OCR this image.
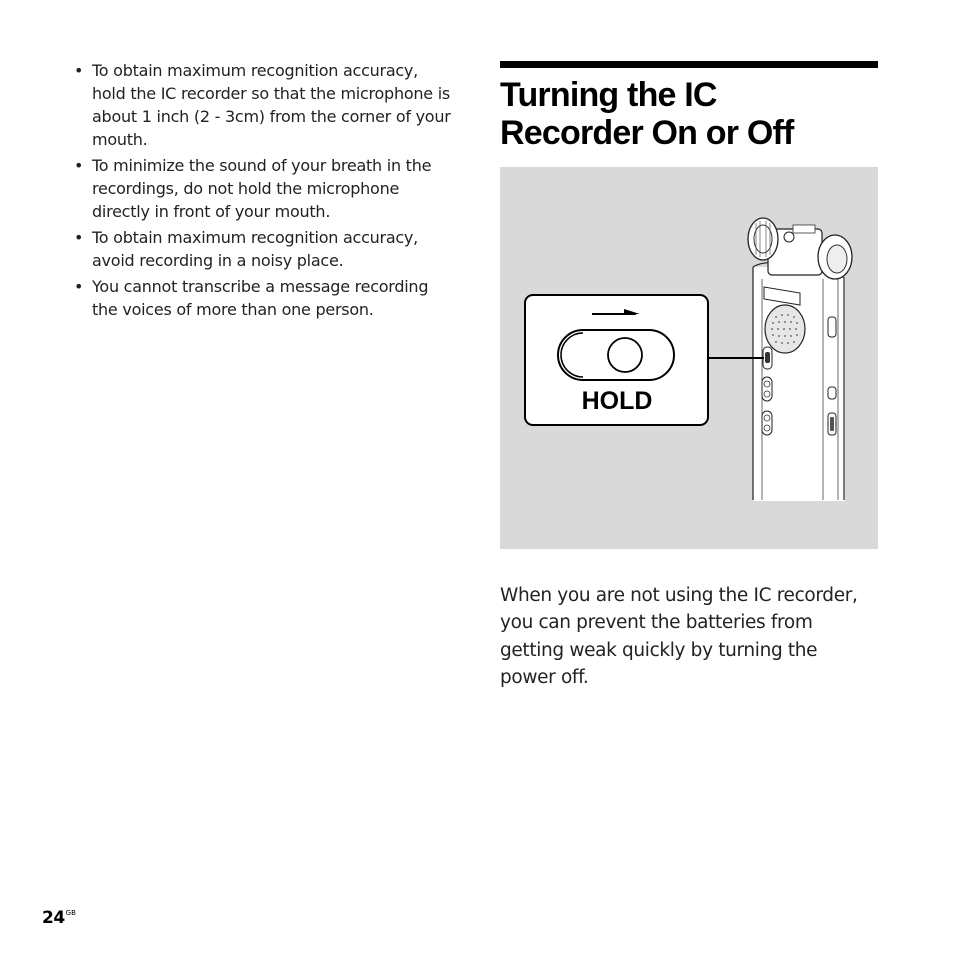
• To obtain maximum recognition accuracy, hold the IC recorder so that the microphone is about 1 inch (2 - 3cm) from the corner of your mouth.
• To minimize the sound of your breath in the recordings, do not hold the microphone directly in front of your mouth.
• To obtain maximum recognition accuracy, avoid recording in a noisy place.
• You cannot transcribe a message recording the voices of more than one person.
Turning the IC
Recorder On or Off
HOLD

When you are not using the IC recorder, you can prevent the batteries from getting weak quickly by turning the power off.

$24^{GB}$
